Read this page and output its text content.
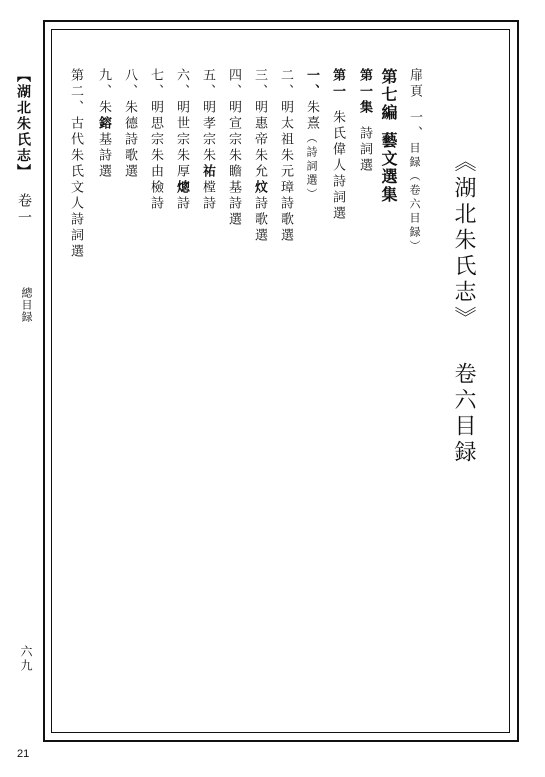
【湖北朱氏志】
卷一
總目録
六九
21
《湖北朱氏志》卷六目録
扉頁一、目録（卷六目録）
第七編藝文選集
第一集詩詞選
第一朱氏偉人詩詞選
一、朱熹（詩詞選）
二、明太祖朱元璋詩歌選
三、明惠帝朱允炆詩歌選
四、明宣宗朱瞻基詩選
五、明孝宗朱祐樘詩
六、明世宗朱厚熜詩
七、明思宗朱由檢詩
八、朱德詩歌選
九、朱鎔基詩選
第二、古代朱氏文人詩詞選
